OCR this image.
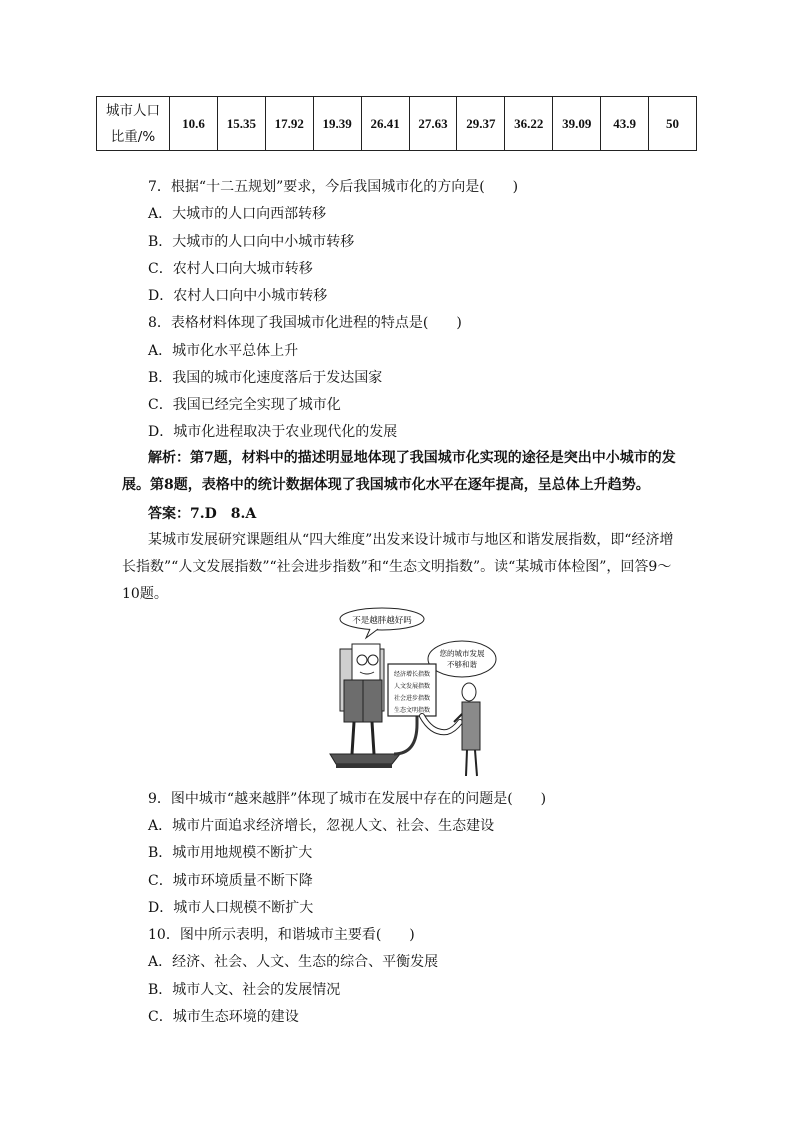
城市人口
比重/%	10.6	15.35	17.92	19.39	26.41	27.63	29.37	36.22	39.09	43.9	50
7．根据“十二五规划”要求，今后我国城市化的方向是(　　)
A．大城市的人口向西部转移
B．大城市的人口向中小城市转移
C．农村人口向大城市转移
D．农村人口向中小城市转移
8．表格材料体现了我国城市化进程的特点是(　　)
A．城市化水平总体上升
B．我国的城市化速度落后于发达国家
C．我国已经完全实现了城市化
D．城市化进程取决于农业现代化的发展
解析：第7题，材料中的描述明显地体现了我国城市化实现的途径是突出中小城市的发展。第8题，表格中的统计数据体现了我国城市化水平在逐年提高，呈总体上升趋势。
答案：7.D　8.A
某城市发展研究课题组从“四大维度”出发来设计城市与地区和谐发展指数，即“经济增长指数”“人文发展指数”“社会进步指数”和“生态文明指数”。读“某城市体检图”，回答9～10题。
不是越胖越好吗
您的城市发展
不够和谐
经济增长指数
人文发展指数
社会进步指数
生态文明指数
9．图中城市“越来越胖”体现了城市在发展中存在的问题是(　　)
A．城市片面追求经济增长，忽视人文、社会、生态建设
B．城市用地规模不断扩大
C．城市环境质量不断下降
D．城市人口规模不断扩大
10．图中所示表明，和谐城市主要看(　　)
A．经济、社会、人文、生态的综合、平衡发展
B．城市人文、社会的发展情况
C．城市生态环境的建设
